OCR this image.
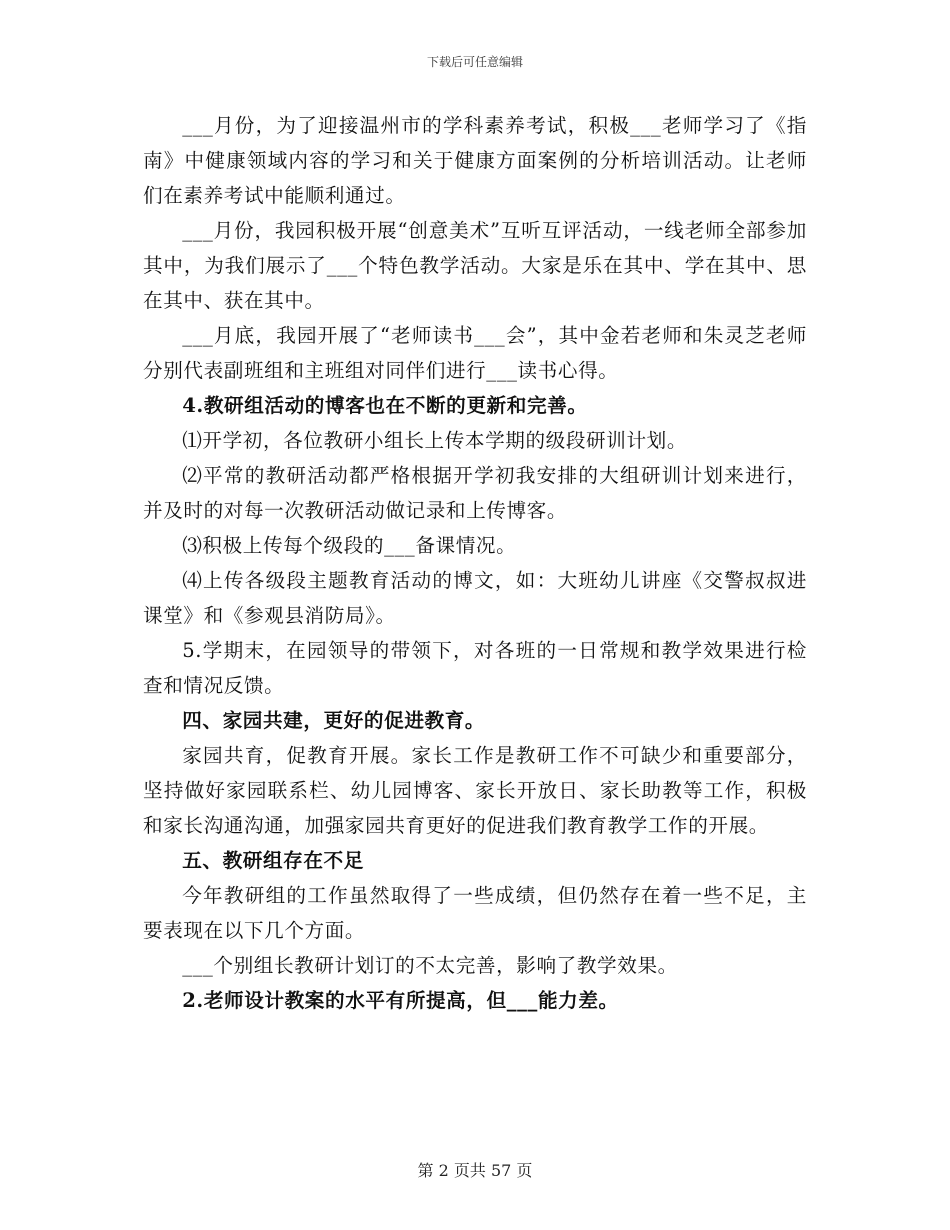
下载后可任意编辑

___月份，为了迎接温州市的学科素养考试，积极___老师学习了《指南》中健康领域内容的学习和关于健康方面案例的分析培训活动。让老师们在素养考试中能顺利通过。

___月份，我园积极开展“创意美术”互听互评活动，一线老师全部参加其中，为我们展示了___个特色教学活动。大家是乐在其中、学在其中、思在其中、获在其中。

___月底，我园开展了“老师读书___会”，其中金若老师和朱灵芝老师分别代表副班组和主班组对同伴们进行___读书心得。

4.教研组活动的博客也在不断的更新和完善。

⑴开学初，各位教研小组长上传本学期的级段研训计划。

⑵平常的教研活动都严格根据开学初我安排的大组研训计划来进行，并及时的对每一次教研活动做记录和上传博客。

⑶积极上传每个级段的___备课情况。

⑷上传各级段主题教育活动的博文，如：大班幼儿讲座《交警叔叔进课堂》和《参观县消防局》。

5.学期末，在园领导的带领下，对各班的一日常规和教学效果进行检查和情况反馈。

四、家园共建，更好的促进教育。

家园共育，促教育开展。家长工作是教研工作不可缺少和重要部分，坚持做好家园联系栏、幼儿园博客、家长开放日、家长助教等工作，积极和家长沟通沟通，加强家园共育更好的促进我们教育教学工作的开展。

五、教研组存在不足

今年教研组的工作虽然取得了一些成绩，但仍然存在着一些不足，主要表现在以下几个方面。

___个别组长教研计划订的不太完善，影响了教学效果。

2.老师设计教案的水平有所提高，但___能力差。

第 2 页共 57 页
